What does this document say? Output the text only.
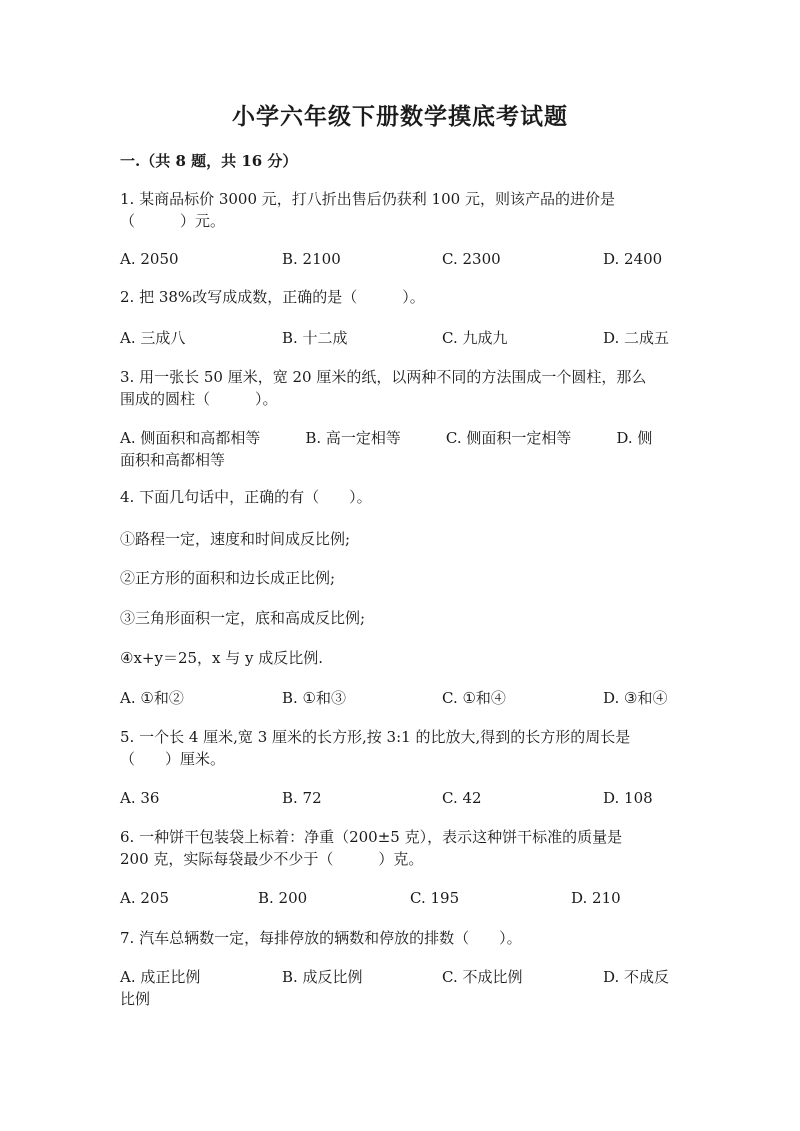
小学六年级下册数学摸底考试题
一.（共 8 题，共 16 分）
1. 某商品标价 3000 元，打八折出售后仍获利 100 元，则该产品的进价是
（　　　）元。
A. 2050	B. 2100	C. 2300	D. 2400
2. 把 38%改写成成数，正确的是（　　　）。
A. 三成八	B. 十二成	C. 九成九	D. 二成五
3. 用一张长 50 厘米，宽 20 厘米的纸，以两种不同的方法围成一个圆柱，那么
围成的圆柱（　　　）。
A. 侧面积和高都相等　　　B. 高一定相等　　　C. 侧面积一定相等　　　D. 侧
面积和高都相等
4. 下面几句话中，正确的有（　　）。
①路程一定，速度和时间成反比例;
②正方形的面积和边长成正比例;
③三角形面积一定，底和高成反比例;
④x+y＝25，x 与 y 成反比例.
A. ①和②	B. ①和③	C. ①和④	D. ③和④
5. 一个长 4 厘米,宽 3 厘米的长方形,按 3:1 的比放大,得到的长方形的周长是
（　　）厘米。
A. 36	B. 72	C. 42	D. 108
6. 一种饼干包装袋上标着：净重（200±5 克），表示这种饼干标准的质量是
200 克，实际每袋最少不少于（　　　）克。
A. 205	B. 200	C. 195	D. 210
7. 汽车总辆数一定，每排停放的辆数和停放的排数（　　）。
A. 成正比例	B. 成反比例	C. 不成比例	D. 不成反
比例
